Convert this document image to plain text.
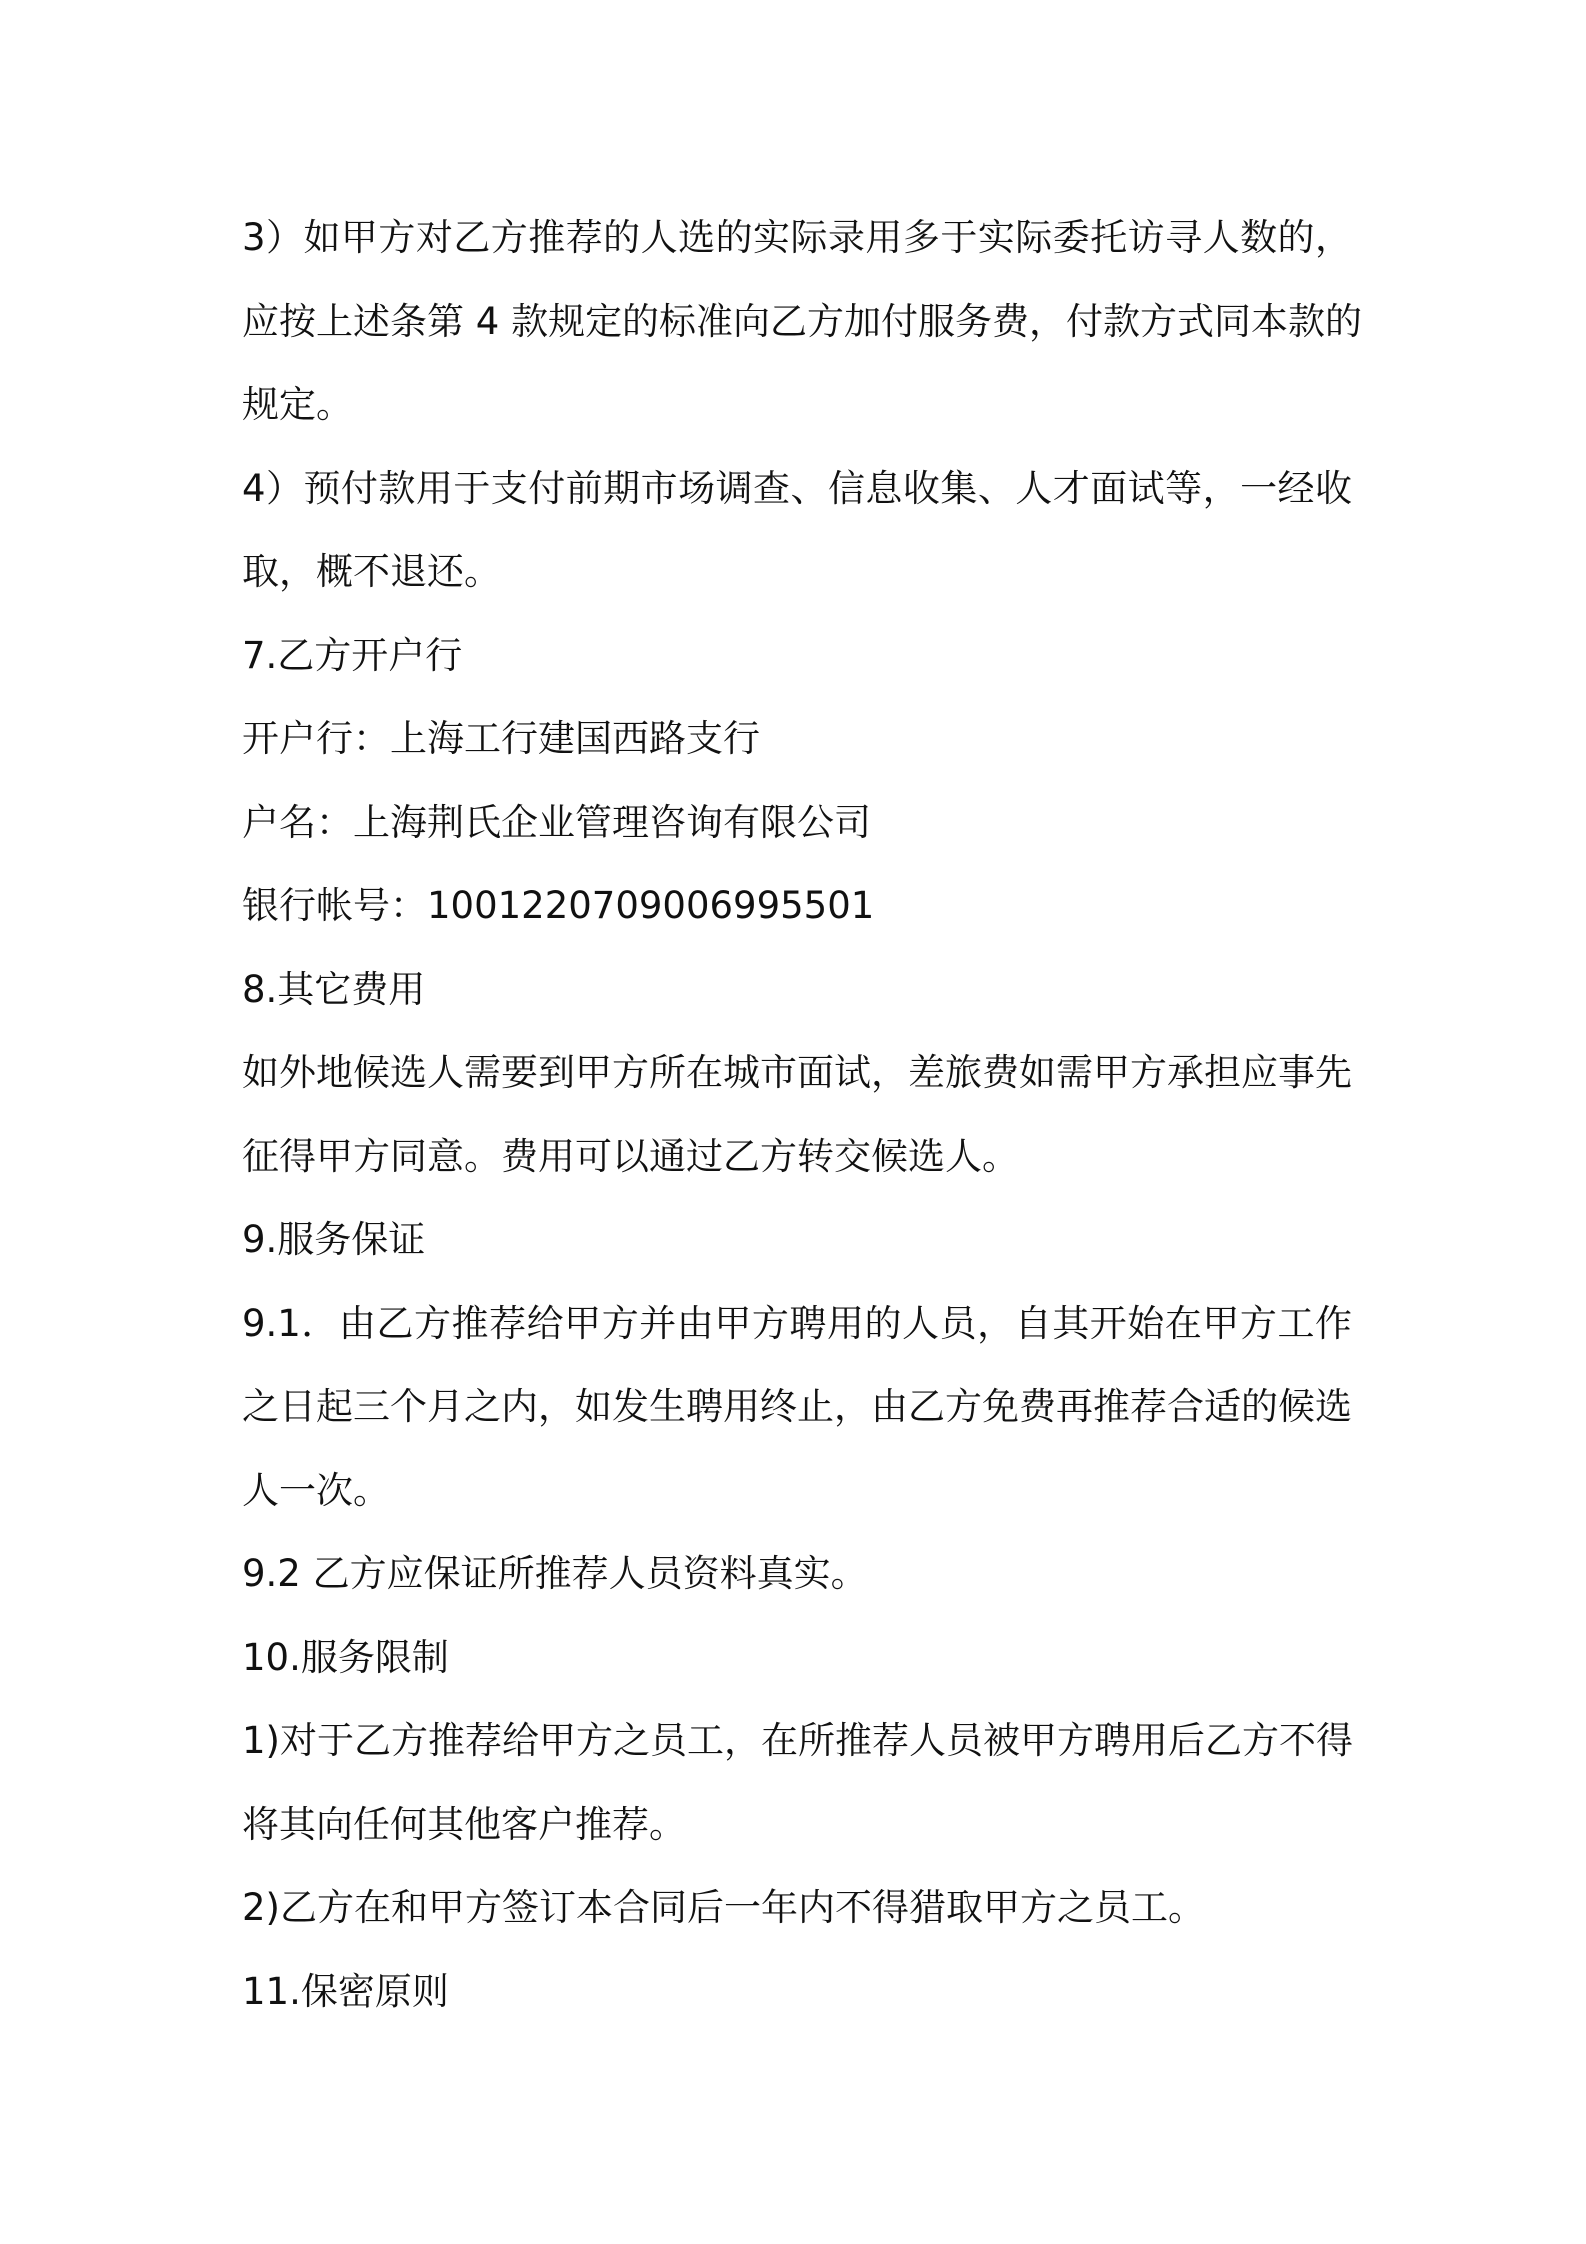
3）如甲方对乙方推荐的人选的实际录用多于实际委托访寻人数的，
应按上述条第 4 款规定的标准向乙方加付服务费，付款方式同本款的
规定。
4）预付款用于支付前期市场调查、信息收集、人才面试等，一经收
取，概不退还。
7.乙方开户行
开户行：上海工行建国西路支行
户名：上海荆氏企业管理咨询有限公司
银行帐号：1001220709006995501
8.其它费用
如外地候选人需要到甲方所在城市面试，差旅费如需甲方承担应事先
征得甲方同意。费用可以通过乙方转交候选人。
9.服务保证
9.1．由乙方推荐给甲方并由甲方聘用的人员，自其开始在甲方工作
之日起三个月之内，如发生聘用终止，由乙方免费再推荐合适的候选
人一次。
9.2 乙方应保证所推荐人员资料真实。
10.服务限制
1)对于乙方推荐给甲方之员工，在所推荐人员被甲方聘用后乙方不得
将其向任何其他客户推荐。
2)乙方在和甲方签订本合同后一年内不得猎取甲方之员工。
11.保密原则
